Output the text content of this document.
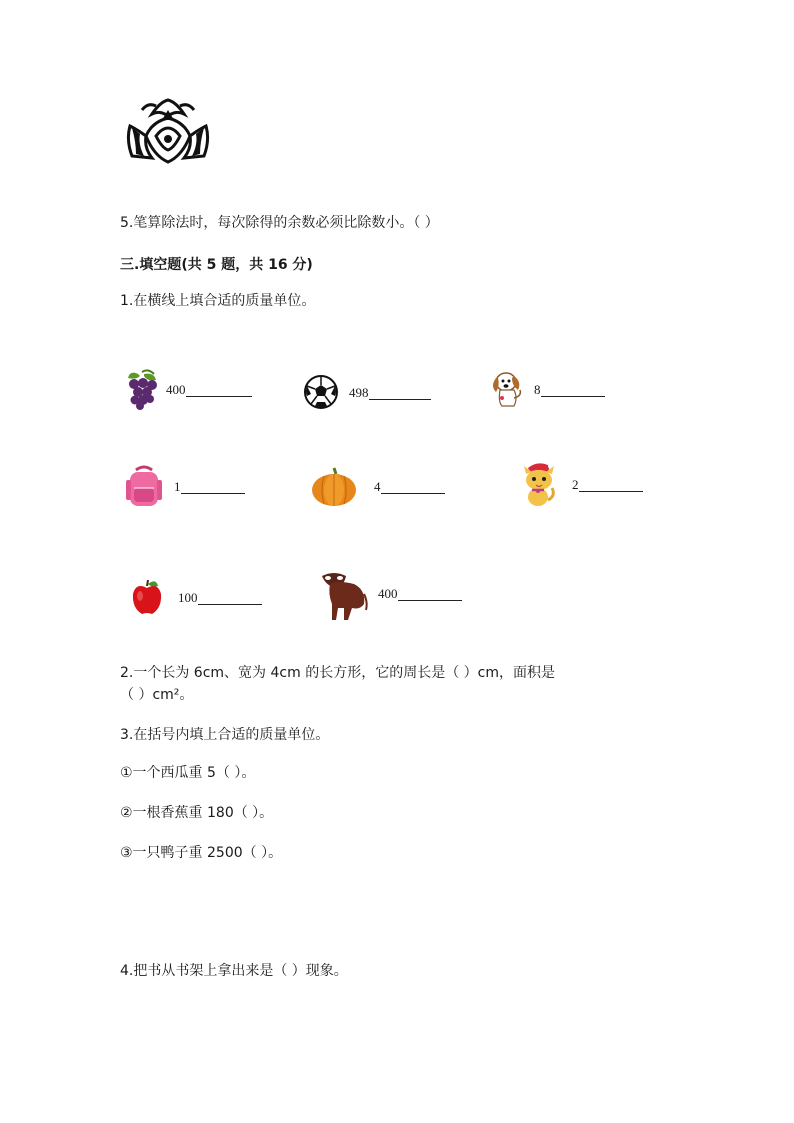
5.笔算除法时，每次除得的余数必须比除数小。（ ）
三.填空题(共 5 题，共 16 分)
1.在横线上填合适的质量单位。
400	498	8
1	4	2
100	400
2.一个长为 6cm、宽为 4cm 的长方形，它的周长是（ ）cm，面积是
（ ）cm²。
3.在括号内填上合适的质量单位。
①一个西瓜重 5（ ）。
②一根香蕉重 180（ ）。
③一只鸭子重 2500（ ）。
4.把书从书架上拿出来是（ ）现象。
